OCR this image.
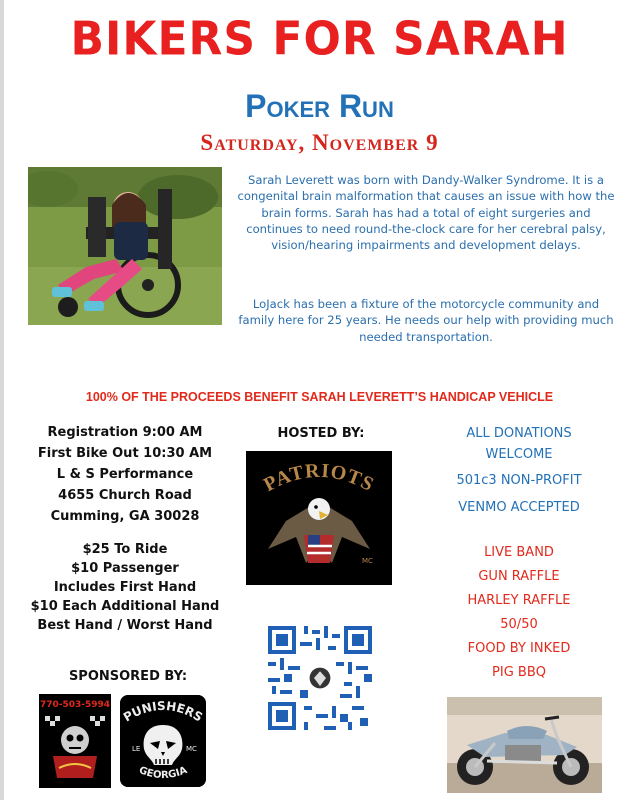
BIKERS FOR SARAH
Poker Run
Saturday, November 9
Sarah Leverett was born with Dandy-Walker Syndrome. It is a congenital brain malformation that causes an issue with how the brain forms. Sarah has had a total of eight surgeries and continues to need round-the-clock care for her cerebral palsy, vision/hearing impairments and development delays.
LoJack has been a fixture of the motorcycle community and family here for 25 years. He needs our help with providing much needed transportation.
100% OF THE PROCEEDS BENEFIT SARAH LEVERETT’S HANDICAP VEHICLE
Registration 9:00 AM
First Bike Out 10:30 AM
L & S Performance
4655 Church Road
Cumming, GA 30028
$25 To Ride
$10 Passenger
Includes First Hand
$10 Each Additional Hand
Best Hand / Worst Hand
HOSTED BY:
PATRIOTS
MC
ALL DONATIONS
WELCOME
501c3 NON-PROFIT
VENMO ACCEPTED
LIVE BAND
GUN RAFFLE
HARLEY RAFFLE
50/50
FOOD BY INKED
PIG BBQ
SPONSORED BY:
770-503-5994
PUNISHERS
LE	MC
GEORGIA
